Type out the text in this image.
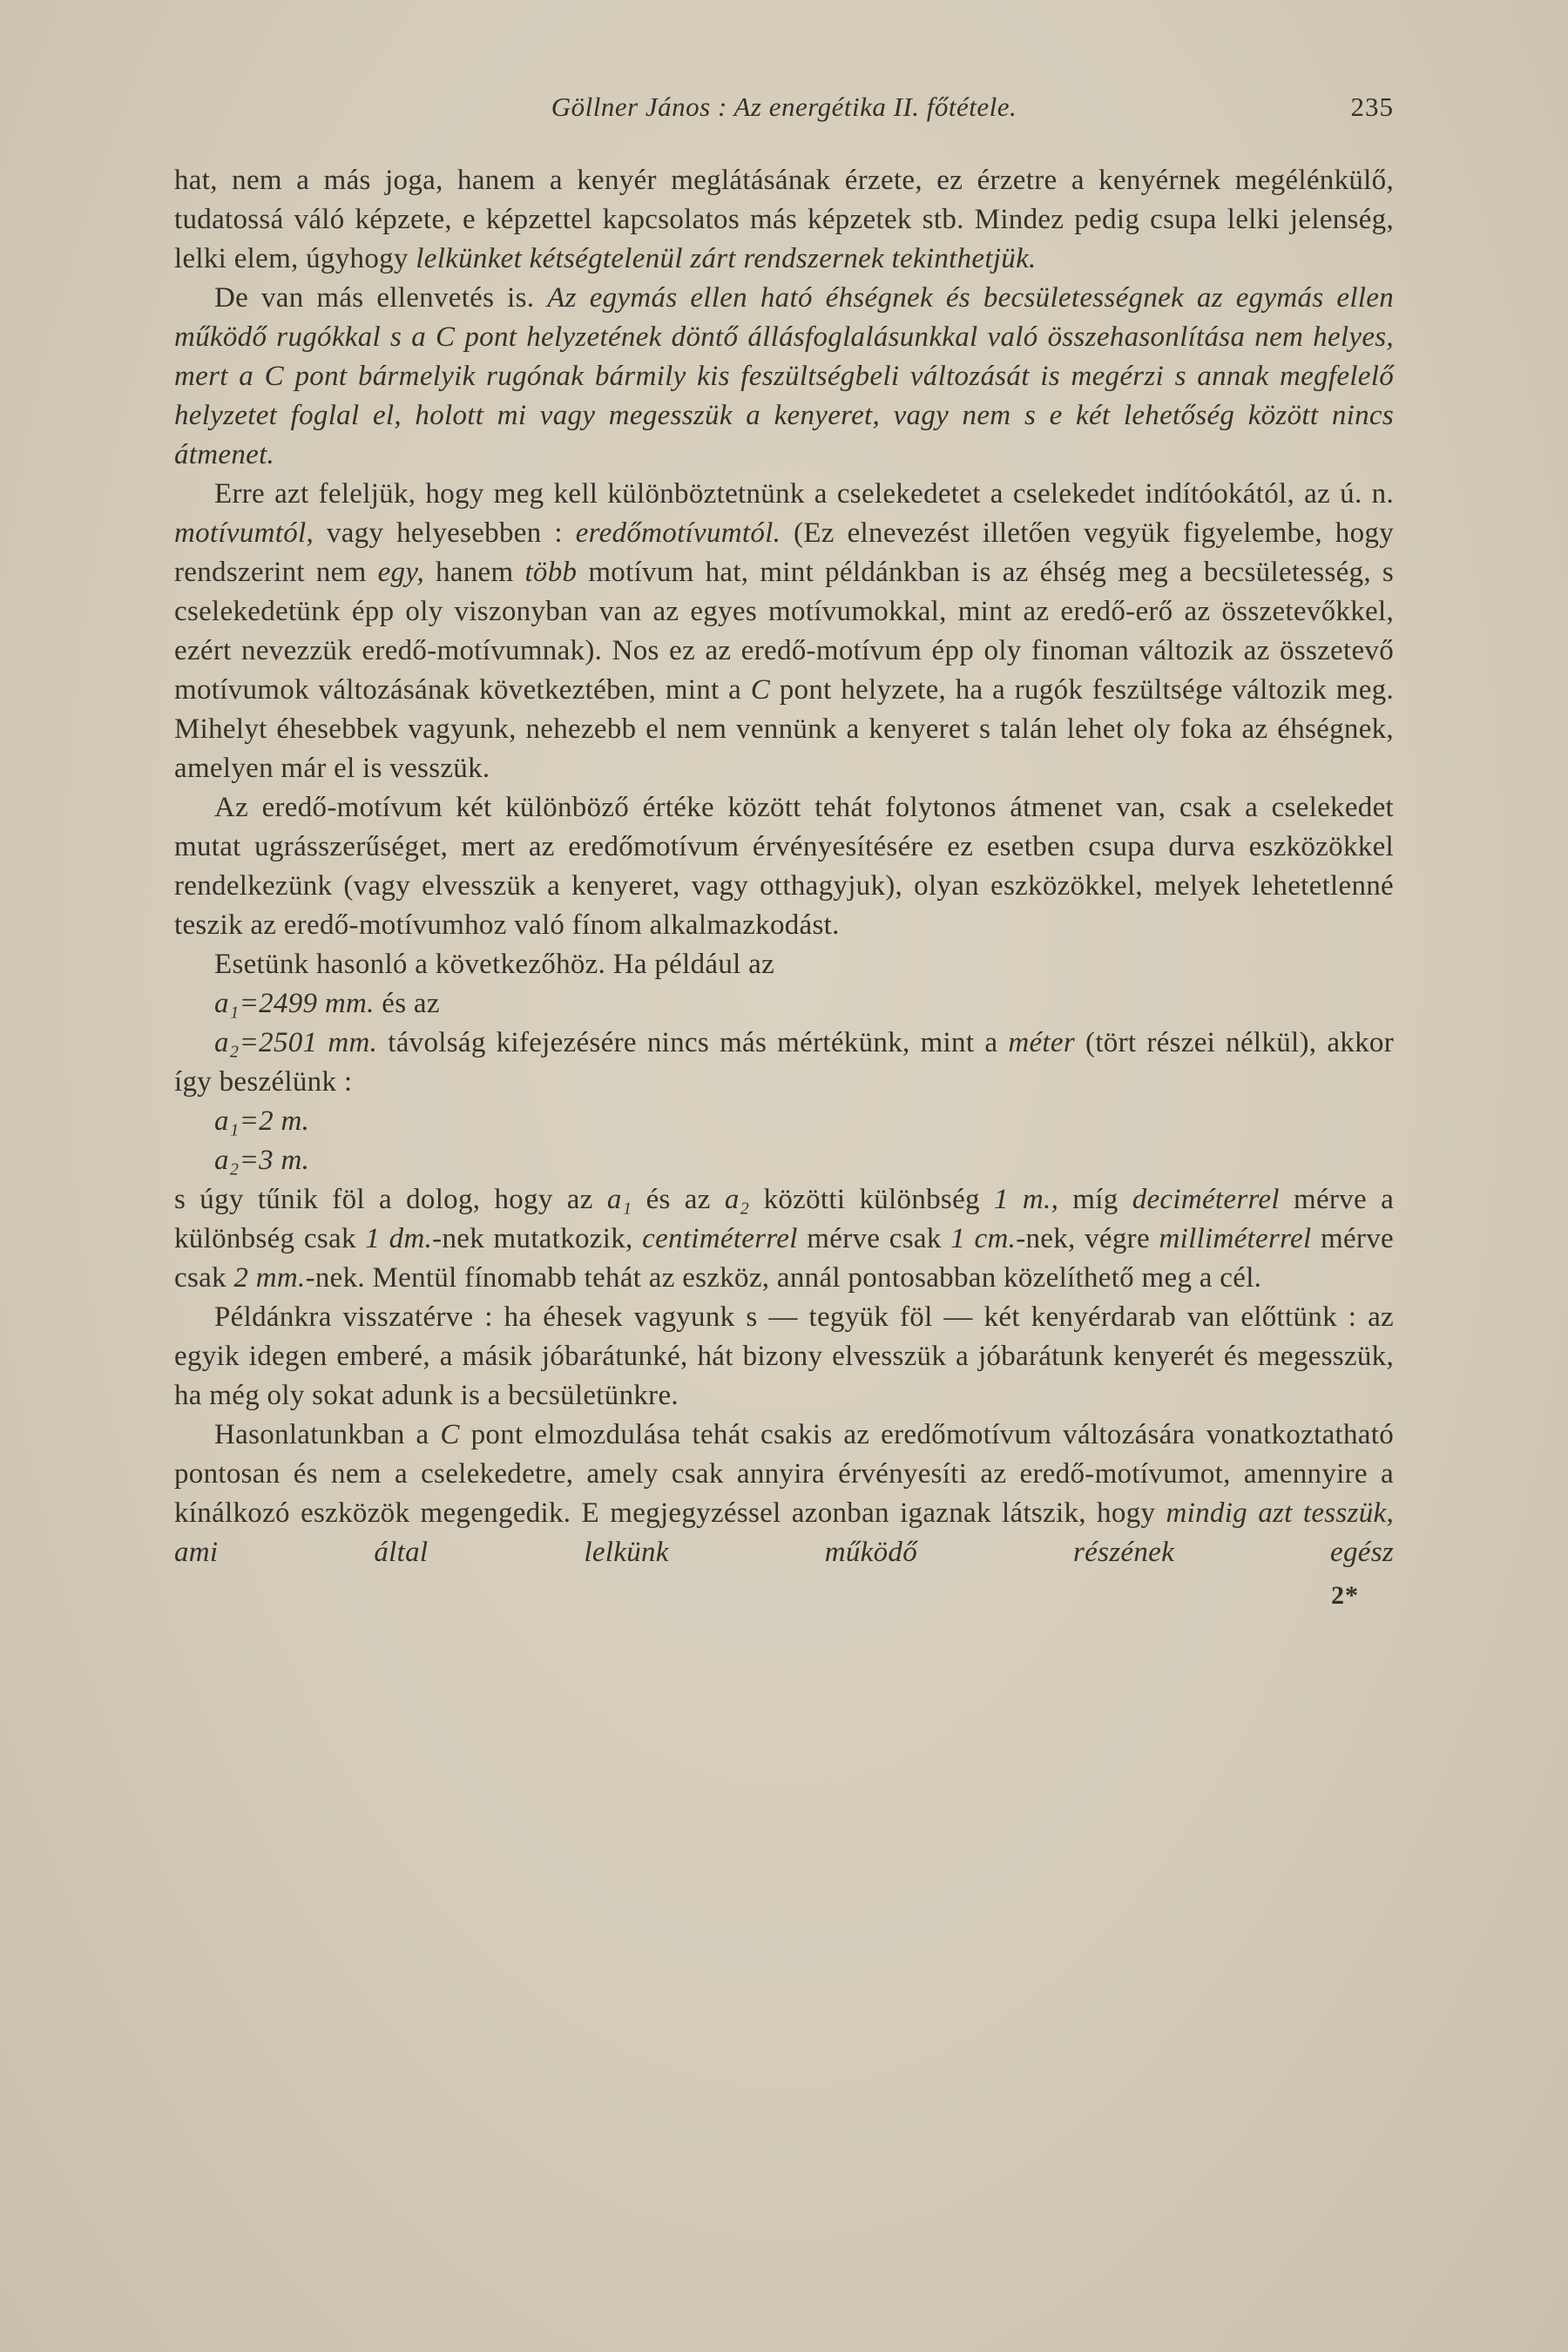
Göllner János : Az energétika II. főtétele.	235

hat, nem a más joga, hanem a kenyér meglátásának érzete, ez érzetre a kenyérnek megélénkülő, tudatossá váló képzete, e képzettel kapcsolatos más képzetek stb. Mindez pedig csupa lelki jelenség, lelki elem, úgyhogy lelkünket kétségtelenül zárt rendszernek tekinthetjük.

De van más ellenvetés is. Az egymás ellen ható éhségnek és becsületességnek az egymás ellen működő rugókkal s a C pont helyzetének döntő állásfoglalásunkkal való összehasonlítása nem helyes, mert a C pont bármelyik rugónak bármily kis feszültségbeli változását is megérzi s annak megfelelő helyzetet foglal el, holott mi vagy megesszük a kenyeret, vagy nem s e két lehetőség között nincs átmenet.

Erre azt feleljük, hogy meg kell különböztetnünk a cselekedetet a cselekedet indítóokától, az ú. n. motívumtól, vagy helyesebben : eredőmotívumtól. (Ez elnevezést illetően vegyük figyelembe, hogy rendszerint nem egy, hanem több motívum hat, mint példánkban is az éhség meg a becsületesség, s cselekedetünk épp oly viszonyban van az egyes motívumokkal, mint az eredő-erő az összetevőkkel, ezért nevezzük eredő-motívumnak). Nos ez az eredő-motívum épp oly finoman változik az összetevő motívumok változásának következtében, mint a C pont helyzete, ha a rugók feszültsége változik meg. Mihelyt éhesebbek vagyunk, nehezebb el nem vennünk a kenyeret s talán lehet oly foka az éhségnek, amelyen már el is vesszük.

Az eredő-motívum két különböző értéke között tehát folytonos átmenet van, csak a cselekedet mutat ugrásszerűséget, mert az eredőmotívum érvényesítésére ez esetben csupa durva eszközökkel rendelkezünk (vagy elvesszük a kenyeret, vagy otthagyjuk), olyan eszközökkel, melyek lehetetlenné teszik az eredő-motívumhoz való fínom alkalmazkodást.

Esetünk hasonló a következőhöz. Ha például az

a₁=2499 mm. és az

a₂=2501 mm. távolság kifejezésére nincs más mértékünk, mint a méter (tört részei nélkül), akkor így beszélünk :

a₁=2 m.

a₂=3 m.

s úgy tűnik föl a dolog, hogy az a₁ és az a₂ közötti különbség 1 m., míg deciméterrel mérve a különbség csak 1 dm.-nek mutatkozik, centiméterrel mérve csak 1 cm.-nek, végre milliméterrel mérve csak 2 mm.-nek. Mentül fínomabb tehát az eszköz, annál pontosabban közelíthető meg a cél.

Példánkra visszatérve : ha éhesek vagyunk s — tegyük föl — két kenyérdarab van előttünk : az egyik idegen emberé, a másik jóbarátunké, hát bizony elvesszük a jóbarátunk kenyerét és megesszük, ha még oly sokat adunk is a becsületünkre.

Hasonlatunkban a C pont elmozdulása tehát csakis az eredőmotívum változására vonatkoztatható pontosan és nem a cselekedetre, amely csak annyira érvényesíti az eredő-motívumot, amennyire a kínálkozó eszközök megengedik. E megjegyzéssel azonban igaznak látszik, hogy mindig azt tesszük, ami által lelkünk működő részének egész

2*
